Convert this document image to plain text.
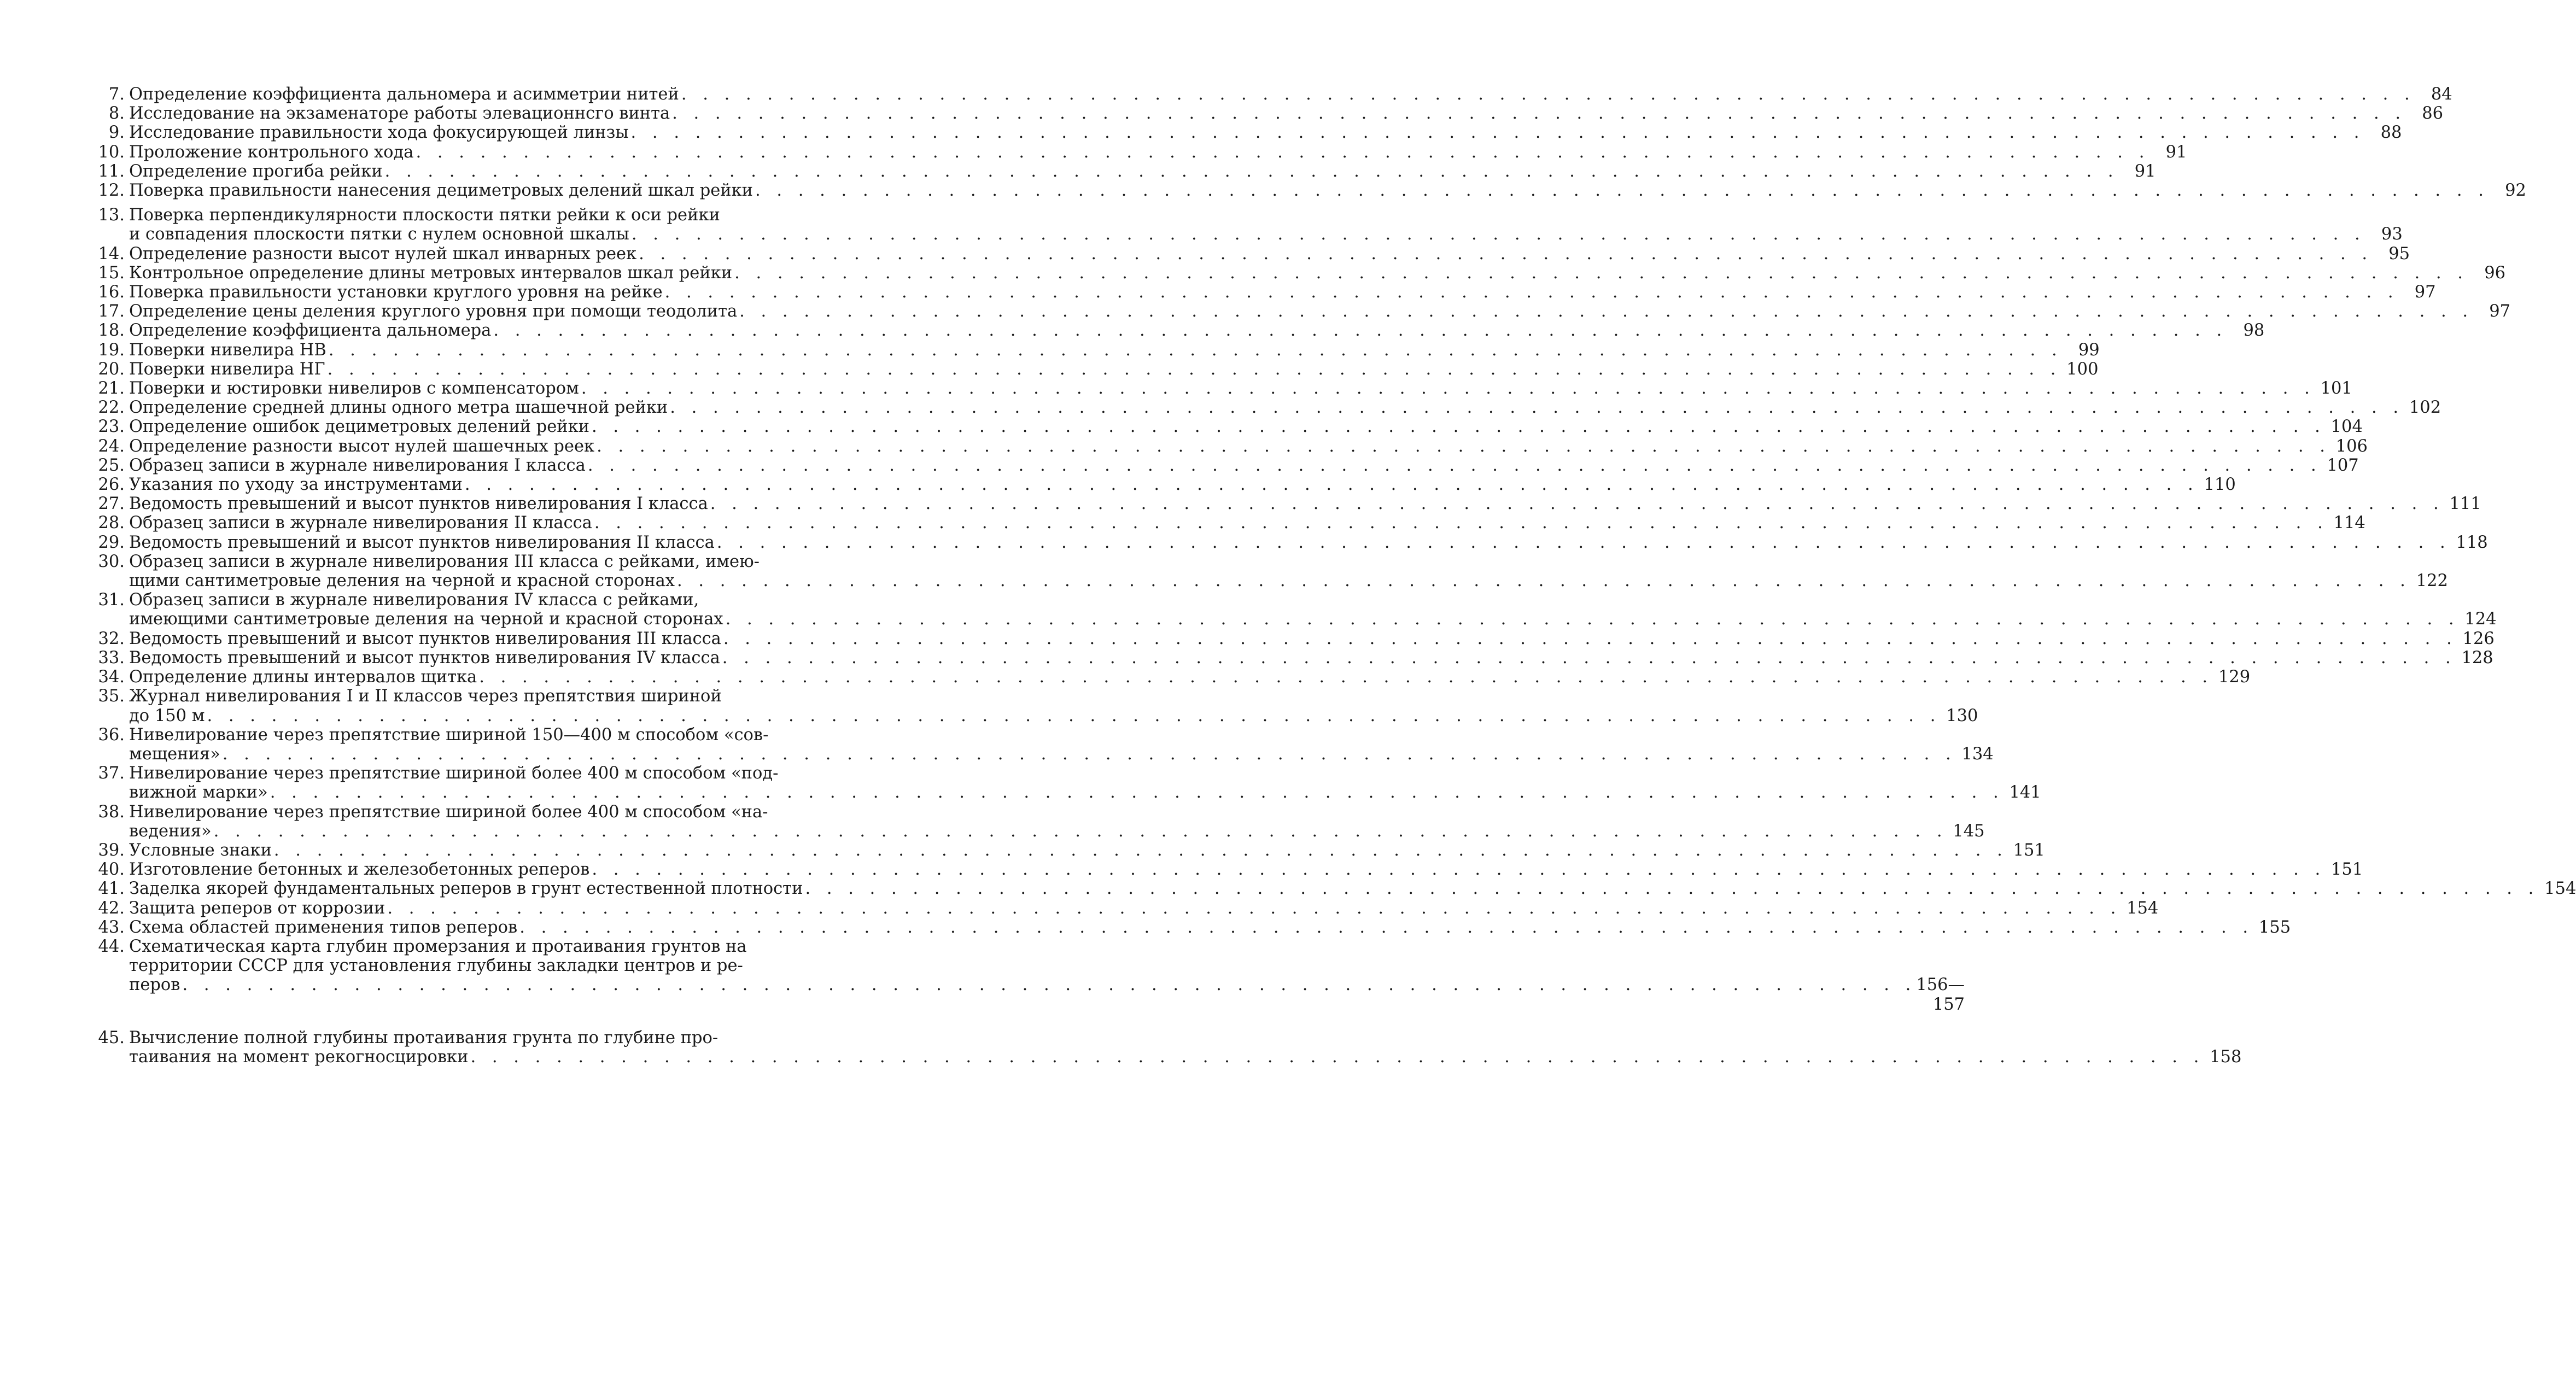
7. Определение коэффициента дальномера и асимметрии нитей . . .	84
8. Исследование на экзаменаторе работы элевационнсго винта . . .	86
9. Исследование правильности хода фокусирующей линзы . . .	88
10. Проложение контрольного хода . . .	91
11. Определение прогиба рейки . . .	91
12. Поверка правильности нанесения дециметровых делений шкал рейки . . .	92
13. Поверка перпендикулярности плоскости пятки рейки к оси рейки
и совпадения плоскости пятки с нулем основной шкалы . . .	93
14. Определение разности высот нулей шкал инварных реек . . .	95
15. Контрольное определение длины метровых интервалов шкал рейки . . .	96
16. Поверка правильности установки круглого уровня на рейке . . .	97
17. Определение цены деления круглого уровня при помощи теодолита . . .	97
18. Определение коэффициента дальномера . . .	98
19. Поверки нивелира НВ . . .	99
20. Поверки нивелира НГ . . .	100
21. Поверки и юстировки нивелиров с компенсатором . . .	101
22. Определение средней длины одного метра шашечной рейки . . .	102
23. Определение ошибок дециметровых делений рейки . . .	104
24. Определение разности высот нулей шашечных реек . . .	106
25. Образец записи в журнале нивелирования I класса . . .	107
26. Указания по уходу за инструментами . . .	110
27. Ведомость превышений и высот пунктов нивелирования I класса . . .	111
28. Образец записи в журнале нивелирования II класса . . .	114
29. Ведомость превышений и высот пунктов нивелирования II класса . . .	118
30. Образец записи в журнале нивелирования III класса с рейками, имею-
щими сантиметровые деления на черной и красной сторонах . . .	122
31. Образец записи в журнале нивелирования IV класса с рейками,
имеющими сантиметровые деления на черной и красной сторонах . . .	124
32. Ведомость превышений и высот пунктов нивелирования III класса . . .	126
33. Ведомость превышений и высот пунктов нивелирования IV класса . . .	128
34. Определение длины интервалов щитка . . .	129
35. Журнал нивелирования I и II классов через препятствия шириной
до 150 м . . .	130
36. Нивелирование через препятствие шириной 150—400 м способом «сов-
мещения» . . .	134
37. Нивелирование через препятствие шириной более 400 м способом «под-
вижной марки» . . .	141
38. Нивелирование через препятствие шириной более 400 м способом «на-
ведения» . . .	145
39. Условные знаки . . .	151
40. Изготовление бетонных и железобетонных реперов . . .	151
41. Заделка якорей фундаментальных реперов в грунт естественной плотности . . .	154
42. Защита реперов от коррозии . . .	154
43. Схема областей применения типов реперов . . .	155
44. Схематическая карта глубин промерзания и протаивания грунтов на
территории СССР для установления глубины закладки центров и ре-
перов . . .	156—
157
45. Вычисление полной глубины протаивания грунта по глубине про-
таивания на момент рекогносцировки . . .	158
